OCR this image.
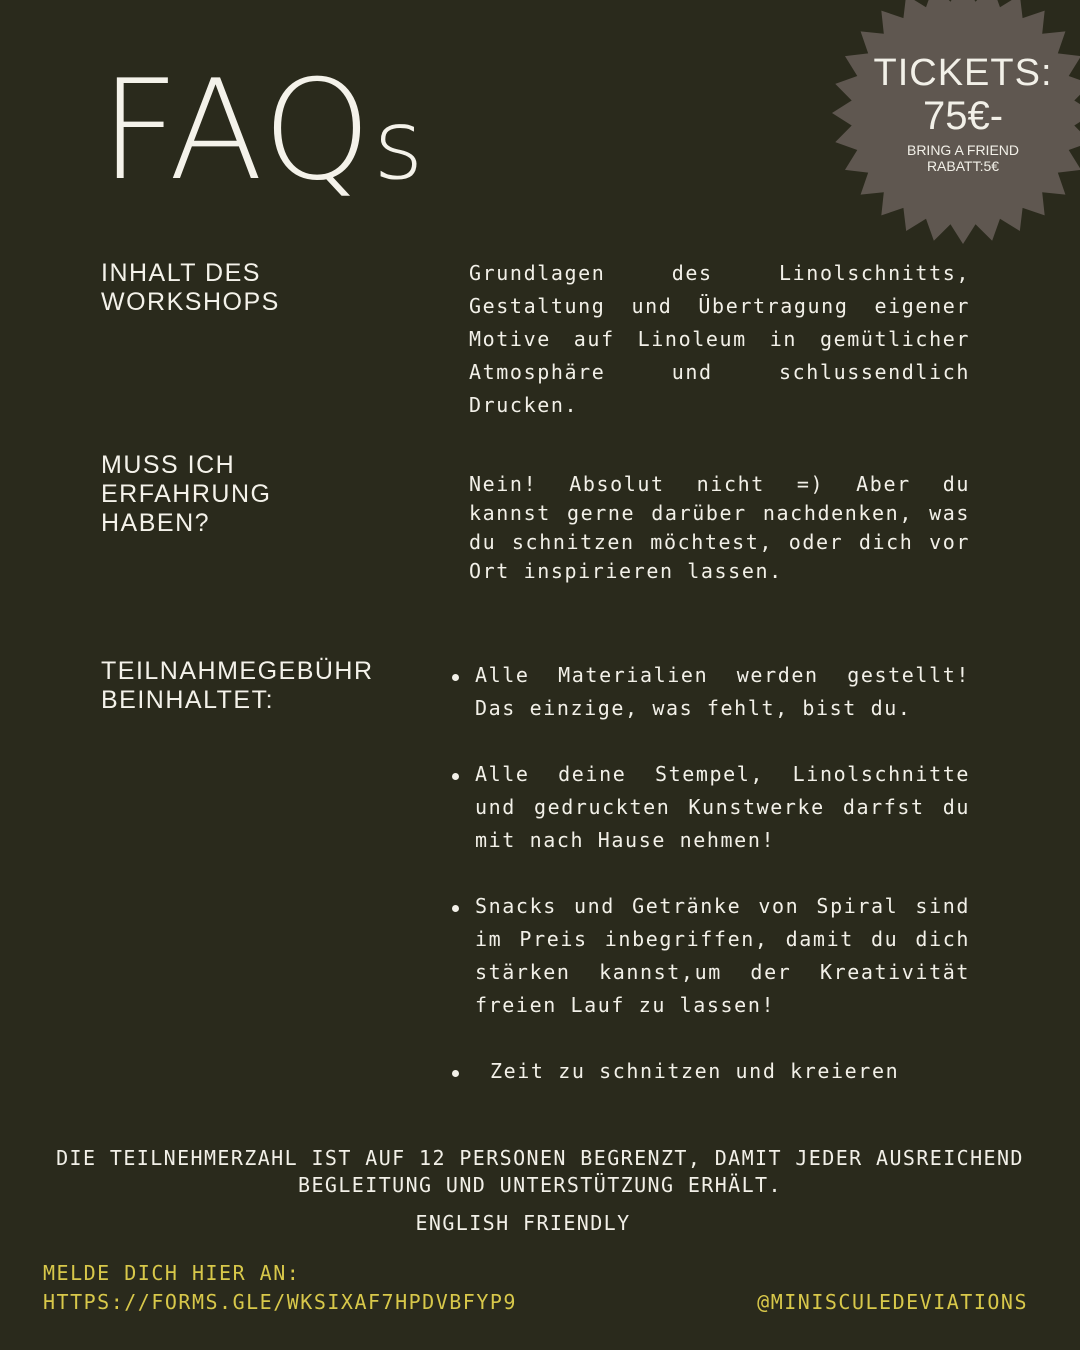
FAQs
TICKETS:
75€-
BRING A FRIEND
RABATT:5€
INHALT DES WORKSHOPS

Grundlagen des Linolschnitts, Gestaltung und Übertragung eigener Motive auf Linoleum in gemütlicher Atmosphäre und schlussendlich Drucken.

MUSS ICH ERFAHRUNG HABEN?

Nein! Absolut nicht =) Aber du kannst gerne darüber nachdenken, was du schnitzen möchtest, oder dich vor Ort inspirieren lassen.

TEILNAHMEGEBÜHR BEINHALTET:
Alle Materialien werden gestellt! Das einzige, was fehlt, bist du.
Alle deine Stempel, Linolschnitte und gedruckten Kunstwerke darfst du mit nach Hause nehmen!
Snacks und Getränke von Spiral sind im Preis inbegriffen, damit du dich stärken kannst,um der Kreativität freien Lauf zu lassen!
Zeit zu schnitzen und kreieren

DIE TEILNEHMERZAHL IST AUF 12 PERSONEN BEGRENZT, DAMIT JEDER AUSREICHEND BEGLEITUNG UND UNTERSTÜTZUNG ERHÄLT.

ENGLISH FRIENDLY

MELDE DICH HIER AN:
HTTPS://FORMS.GLE/WKSIXAF7HPDVBFYP9	@MINISCULEDEVIATIONS
